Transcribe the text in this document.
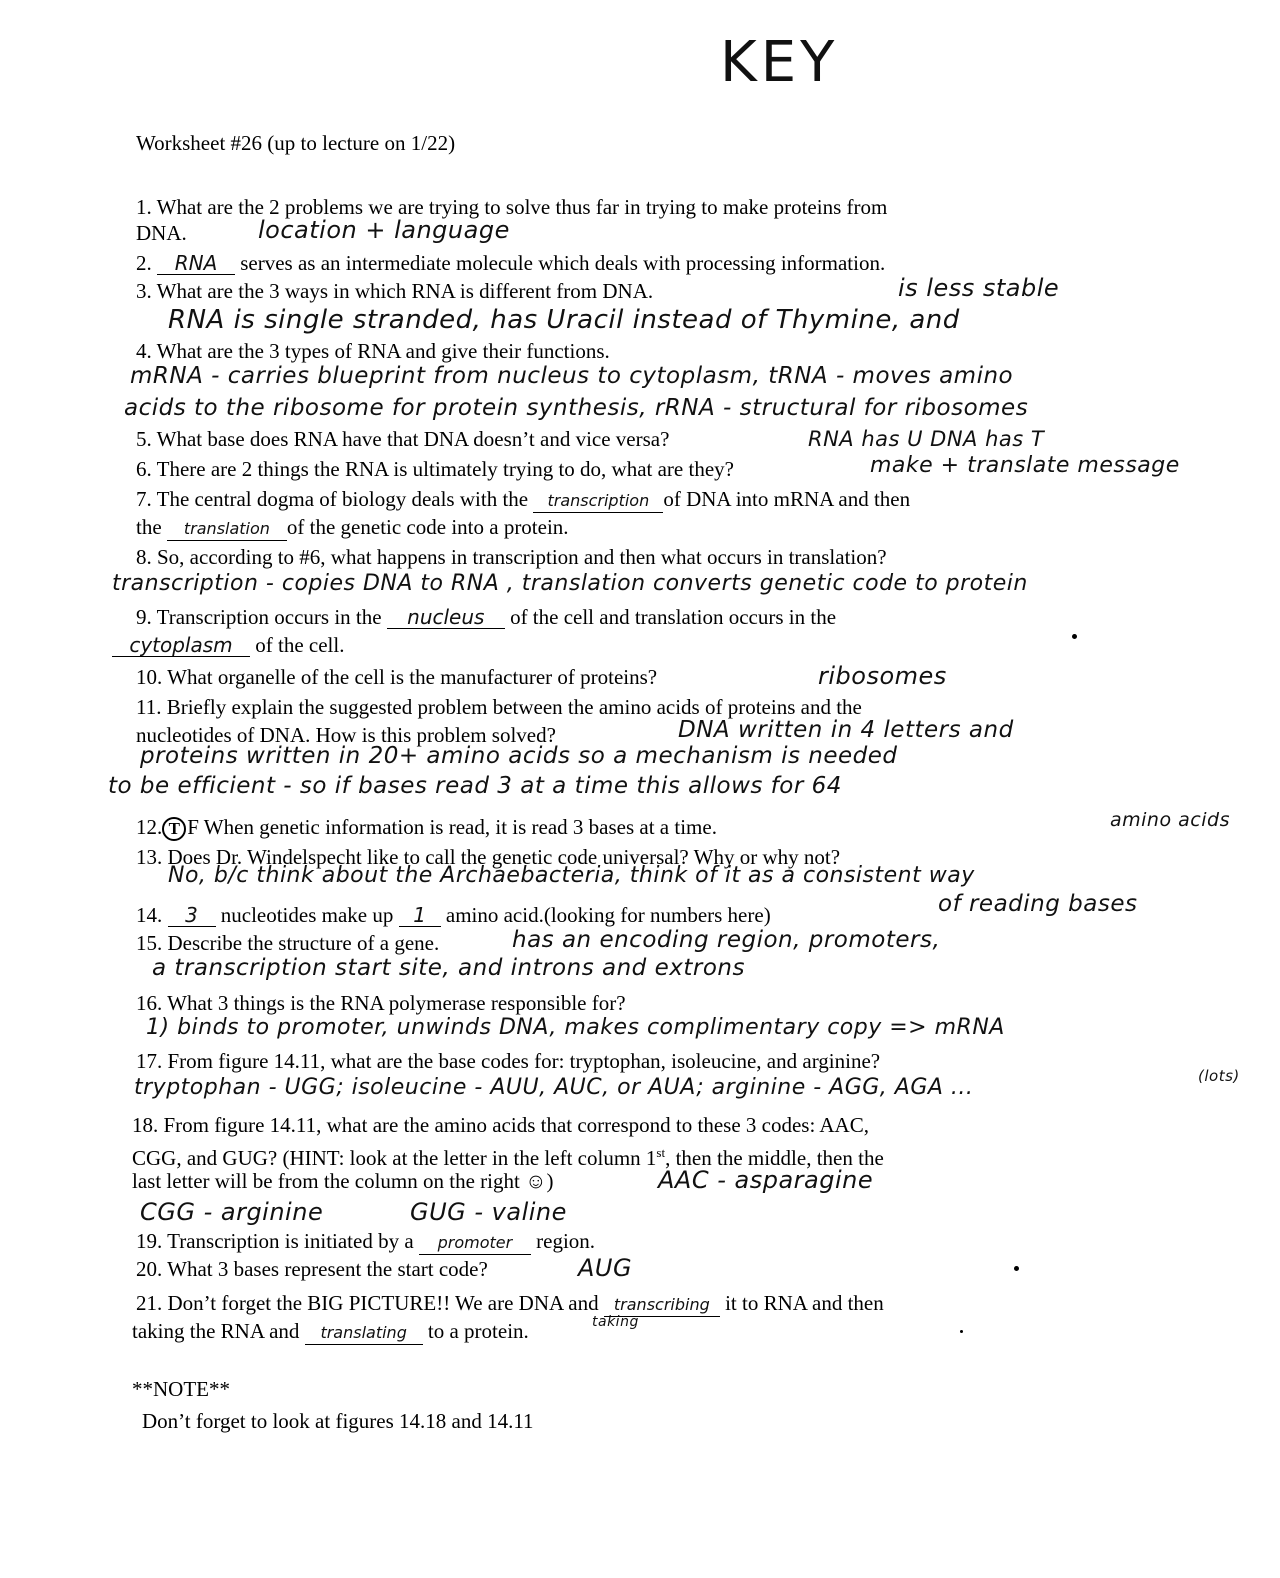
KEY
Worksheet #26 (up to lecture on 1/22)
1. What are the 2 problems we are trying to solve thus far in trying to make proteins from
DNA.	location + language
2. RNA serves as an intermediate molecule which deals with processing information.
3. What are the 3 ways in which RNA is different from DNA.	is less stable
RNA is single stranded, has Uracil instead of Thymine, and
4. What are the 3 types of RNA and give their functions.
mRNA - carries blueprint from nucleus to cytoplasm, tRNA - moves amino
acids to the ribosome for protein synthesis, rRNA - structural for ribosomes
5. What base does RNA have that DNA doesn’t and vice versa?	RNA has U DNA has T
6. There are 2 things the RNA is ultimately trying to do, what are they?	make + translate message
7. The central dogma of biology deals with the transcription of DNA into mRNA and then
the translation of the genetic code into a protein.
8. So, according to #6, what happens in transcription and then what occurs in translation?
transcription - copies DNA to RNA , translation converts genetic code to protein
9. Transcription occurs in the nucleus of the cell and translation occurs in the
cytoplasm of the cell.
10. What organelle of the cell is the manufacturer of proteins?	ribosomes
11. Briefly explain the suggested problem between the amino acids of proteins and the
nucleotides of DNA. How is this problem solved?	DNA written in 4 letters and
proteins written in 20+ amino acids so a mechanism is needed
to be efficient - so if bases read 3 at a time this allows for 64
amino acids
12. T F When genetic information is read, it is read 3 bases at a time.
13. Does Dr. Windelspecht like to call the genetic code universal? Why or why not?
No, b/c think about the Archaebacteria, think of it as a consistent way
of reading bases
14. 3 nucleotides make up 1 amino acid.(looking for numbers here)
15. Describe the structure of a gene.	has an encoding region, promoters,
a transcription start site, and introns and extrons
16. What 3 things is the RNA polymerase responsible for?
1) binds to promoter, unwinds DNA, makes complimentary copy => mRNA
17. From figure 14.11, what are the base codes for: tryptophan, isoleucine, and arginine?
tryptophan - UGG; isoleucine - AUU, AUC, or AUA; arginine - AGG, AGA ...	(lots)
18. From figure 14.11, what are the amino acids that correspond to these 3 codes: AAC,
CGG, and GUG? (HINT: look at the letter in the left column 1st, then the middle, then the
last letter will be from the column on the right ☺)	AAC - asparagine
CGG - arginine	GUG - valine
19. Transcription is initiated by a promoter region.
20. What 3 bases represent the start code?	AUG
21. Don’t forget the BIG PICTURE!! We are DNA and transcribing it to RNA and then
taking the RNA and translating to a protein.	taking
**NOTE**
Don’t forget to look at figures 14.18 and 14.11
